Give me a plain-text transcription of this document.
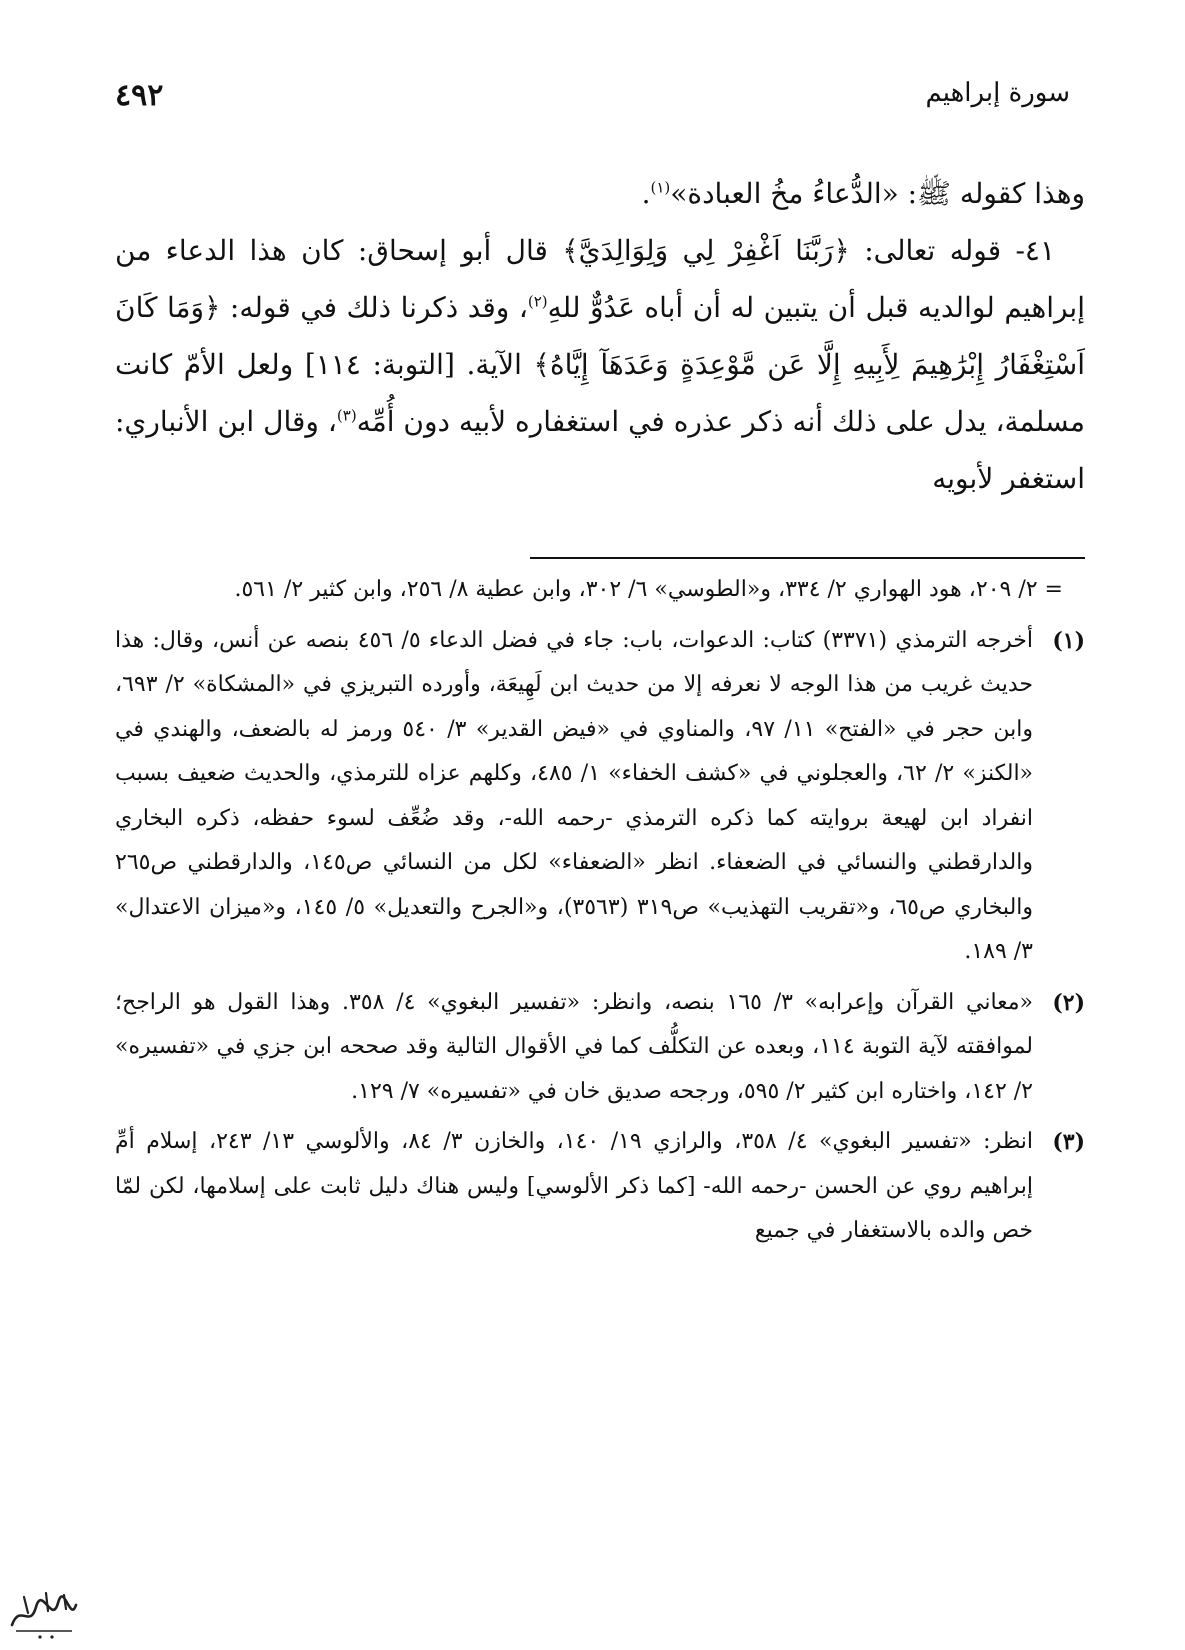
سورة إبراهيم
٤٩٢

وهذا كقوله ﷺ: «الدُّعاءُ مخُ العبادة»$^{(١)}$.

٤١- قوله تعالى: ﴿رَبَّنَا اَغْفِرْ لِي وَلِوَالِدَيَّ﴾ قال أبو إسحاق: كان هذا الدعاء من إبراهيم لوالديه قبل أن يتبين له أن أباه عَدُوٌّ للهِ$^{(٢)}$، وقد ذكرنا ذلك في قوله: ﴿وَمَا كَانَ اَسْتِغْفَارُ إِبْرَٰهِيمَ لِأَبِيهِ إِلَّا عَن مَّوْعِدَةٍ وَعَدَهَآ إِيَّاهُ﴾ الآية. [التوبة: ١١٤] ولعل الأمّ كانت مسلمة، يدل على ذلك أنه ذكر عذره في استغفاره لأبيه دون أُمِّه$^{(٣)}$، وقال ابن الأنباري: استغفر لأبويه

= ٢/ ٢٠٩، هود الهواري ٢/ ٣٣٤، و«الطوسي» ٦/ ٣٠٢، وابن عطية ٨/ ٢٥٦، وابن كثير ٢/ ٥٦١.
(١)
أخرجه الترمذي (٣٣٧١) كتاب: الدعوات، باب: جاء في فضل الدعاء ٥/ ٤٥٦ بنصه عن أنس، وقال: هذا حديث غريب من هذا الوجه لا نعرفه إلا من حديث ابن لَهِيعَة، وأورده التبريزي في «المشكاة» ٢/ ٦٩٣، وابن حجر في «الفتح» ١١/ ٩٧، والمناوي في «فيض القدير» ٣/ ٥٤٠ ورمز له بالضعف، والهندي في «الكنز» ٢/ ٦٢، والعجلوني في «كشف الخفاء» ١/ ٤٨٥، وكلهم عزاه للترمذي، والحديث ضعيف بسبب انفراد ابن لهيعة بروايته كما ذكره الترمذي -رحمه الله-، وقد ضُعِّف لسوء حفظه، ذكره البخاري والدارقطني والنسائي في الضعفاء. انظر «الضعفاء» لكل من النسائي ص١٤٥، والدارقطني ص٢٦٥ والبخاري ص٦٥، و«تقريب التهذيب» ص٣١٩ (٣٥٦٣)، و«الجرح والتعديل» ٥/ ١٤٥، و«ميزان الاعتدال» ٣/ ١٨٩.
(٢)
«معاني القرآن وإعرابه» ٣/ ١٦٥ بنصه، وانظر: «تفسير البغوي» ٤/ ٣٥٨. وهذا القول هو الراجح؛ لموافقته لآية التوبة ١١٤، وبعده عن التكلُّف كما في الأقوال التالية وقد صححه ابن جزي في «تفسيره» ٢/ ١٤٢، واختاره ابن كثير ٢/ ٥٩٥، ورجحه صديق خان في «تفسيره» ٧/ ١٢٩.
(٣)
انظر: «تفسير البغوي» ٤/ ٣٥٨، والرازي ١٩/ ١٤٠، والخازن ٣/ ٨٤، والألوسي ١٣/ ٢٤٣، إسلام أمِّ إبراهيم روي عن الحسن -رحمه الله- [كما ذكر الألوسي] وليس هناك دليل ثابت على إسلامها، لكن لمّا خص والده بالاستغفار في جميع
